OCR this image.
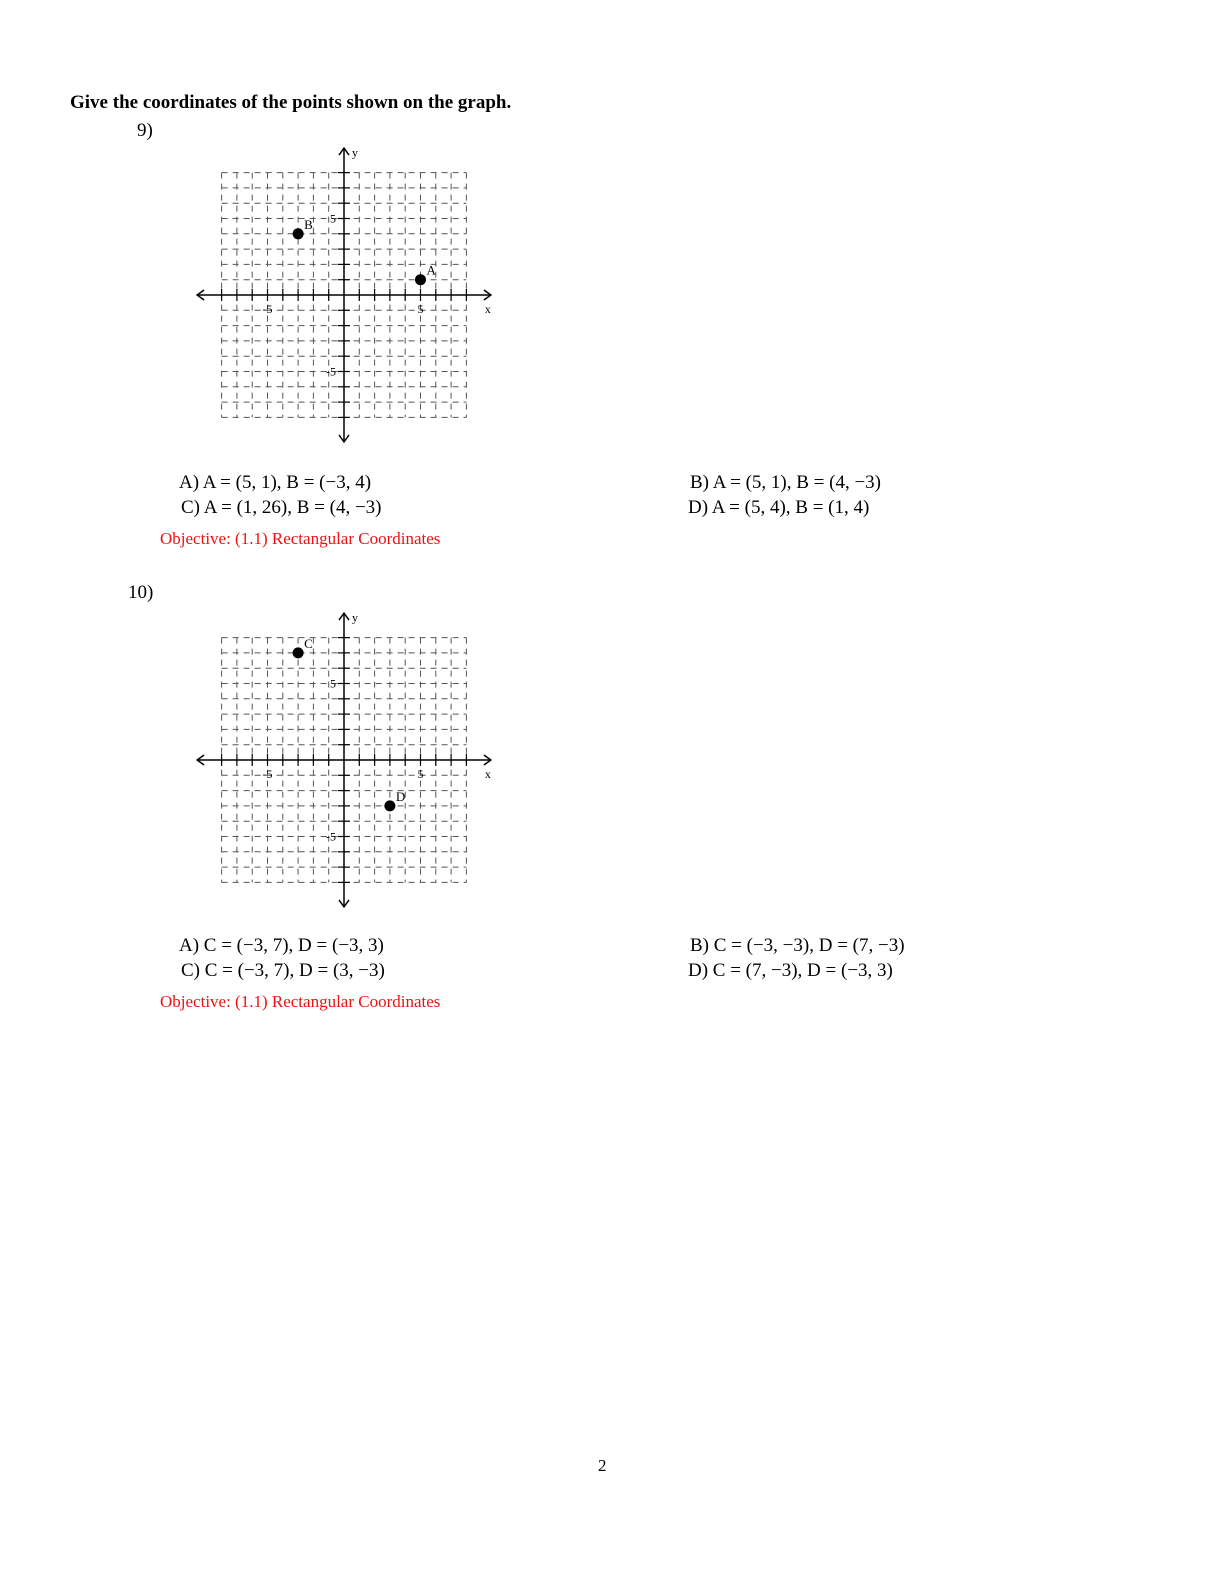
Give the coordinates of the points shown on the graph.
9)
-5	5
5
-5
x
y
A
B
A) A = (5, 1), B = (−3, 4)	B) A = (5, 1), B = (4, −3)
C) A = (1, 26), B = (4, −3)	D) A = (5, 4), B = (1, 4)
Objective: (1.1) Rectangular Coordinates
10)
-5	5
5
-5
x
y
C
D
A) C = (−3, 7), D = (−3, 3)	B) C = (−3, −3), D = (7, −3)
C) C = (−3, 7), D = (3, −3)	D) C = (7, −3), D = (−3, 3)
Objective: (1.1) Rectangular Coordinates
2
